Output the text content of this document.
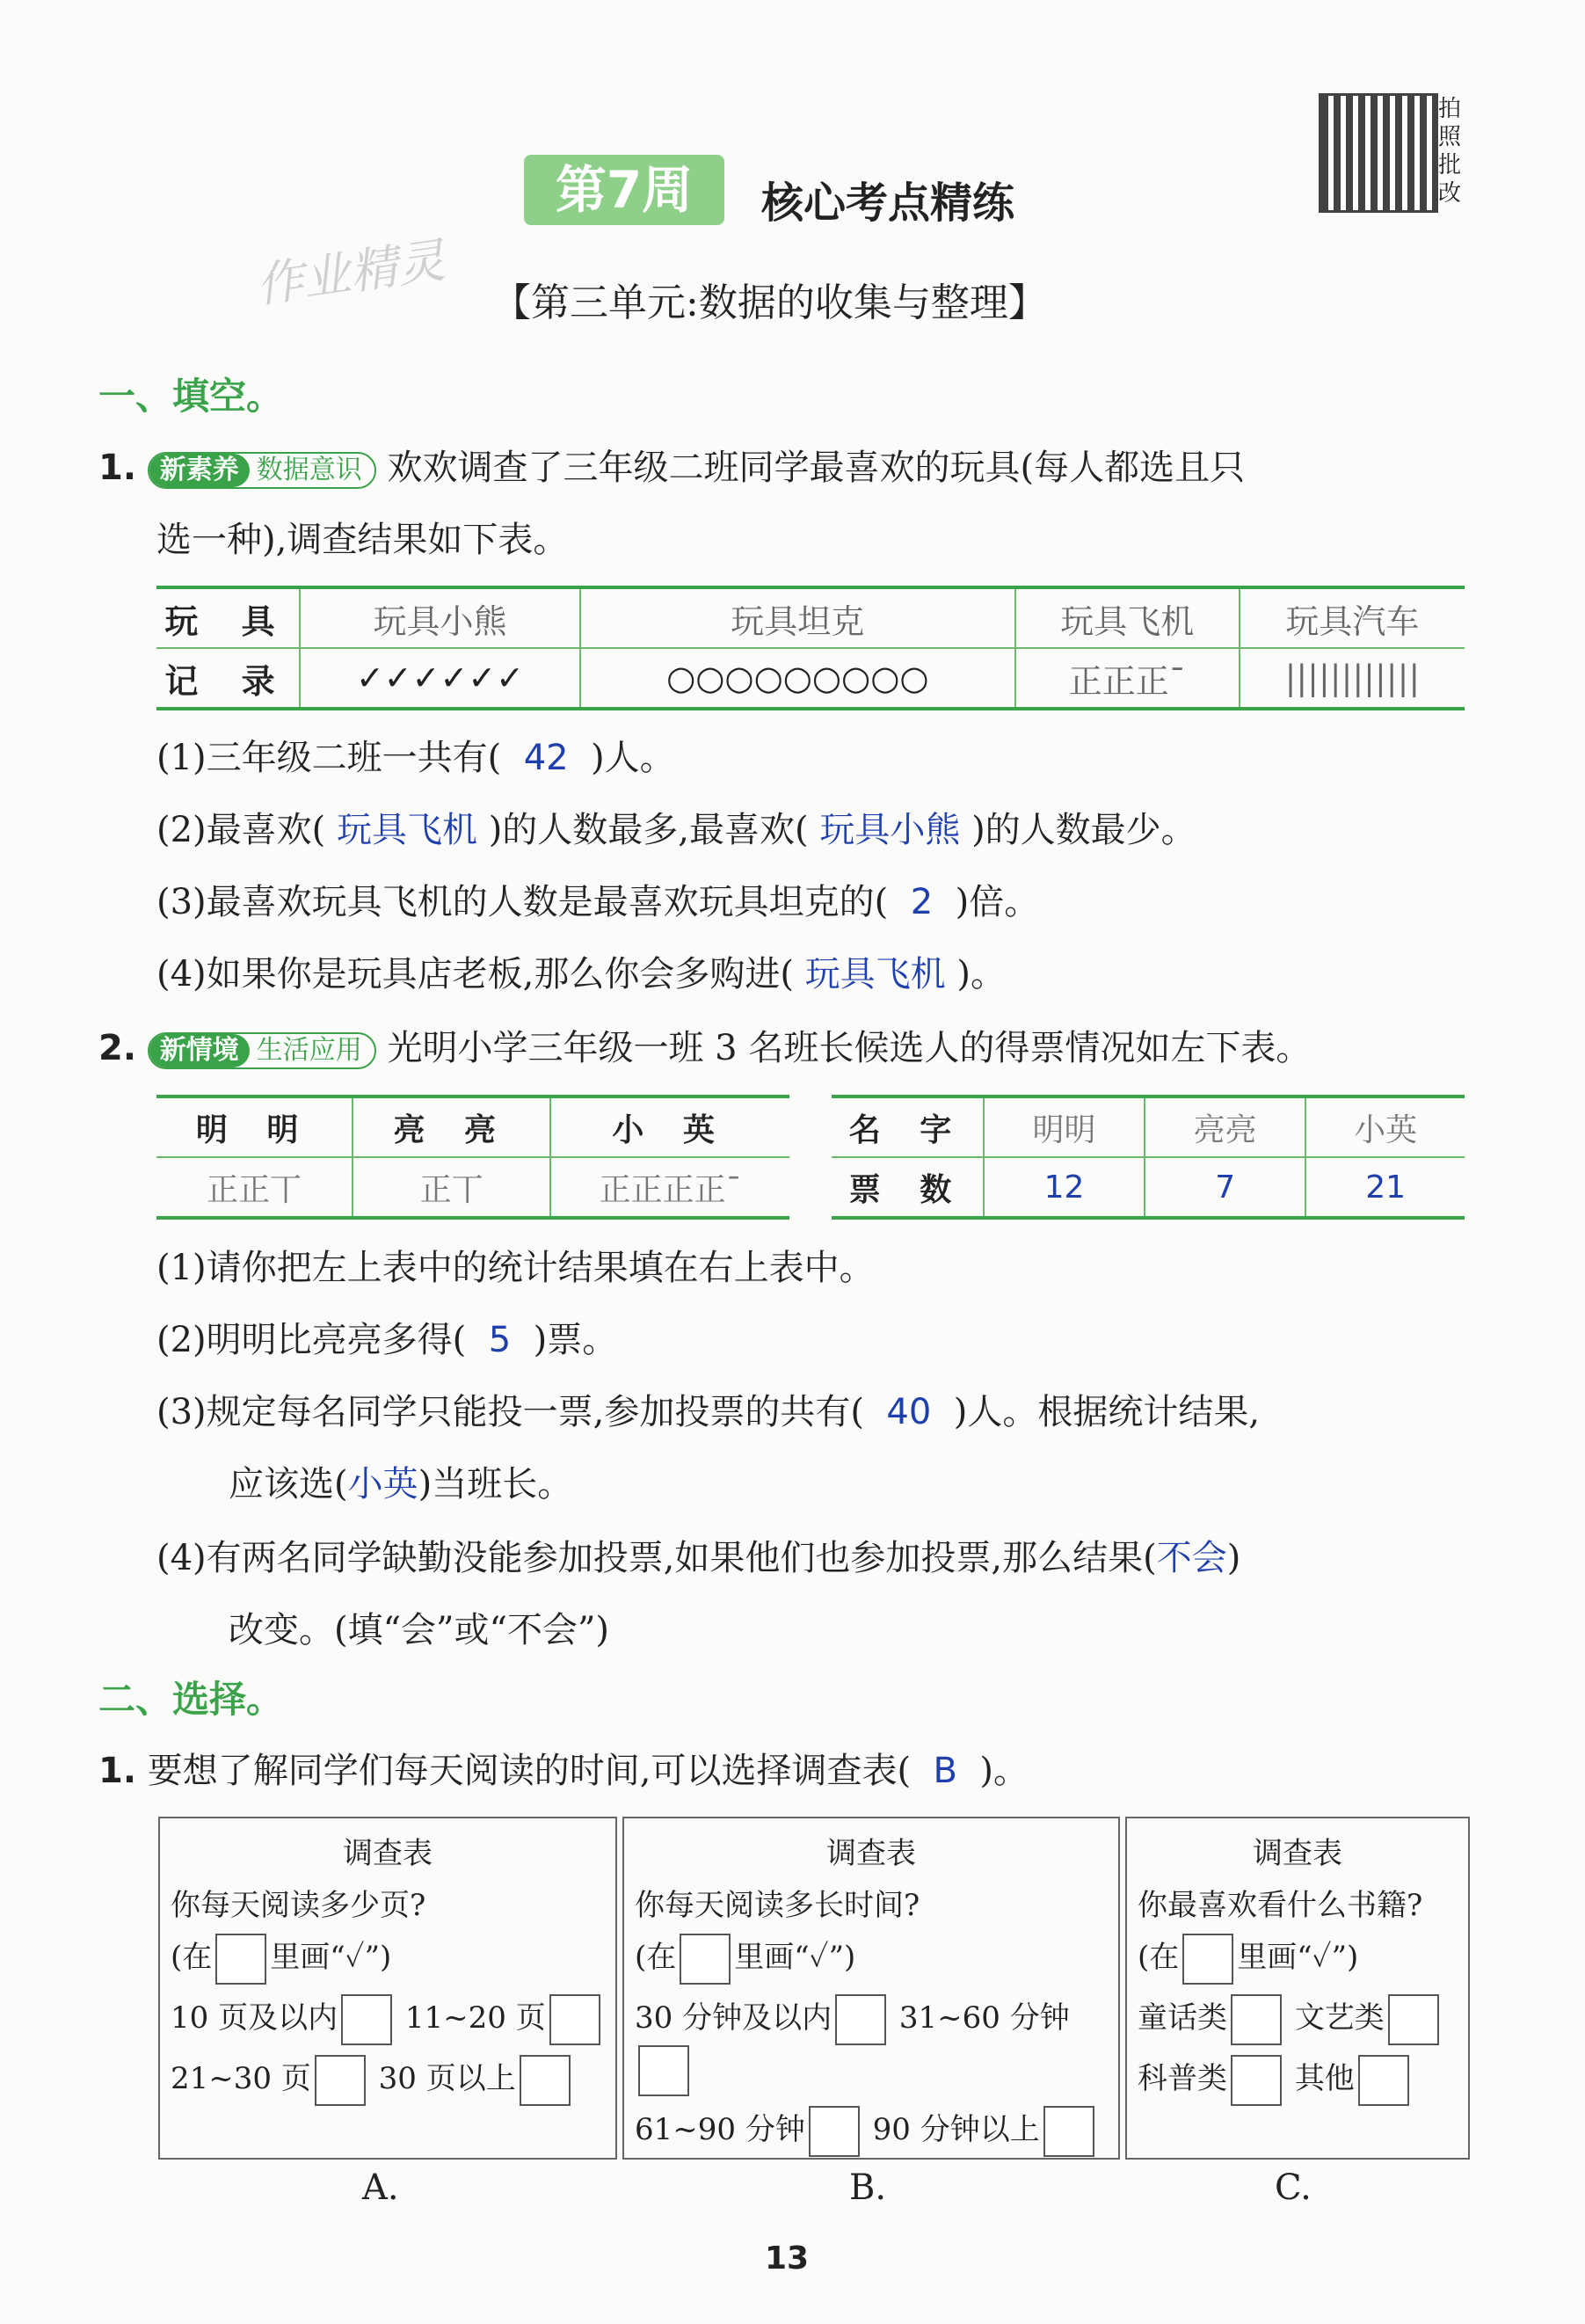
第7周	核心考点精练
【第三单元:数据的收集与整理】
作业精灵
拍照批改
一、填空。
1. 新素养 数据意识 欢欢调查了三年级二班同学最喜欢的玩具(每人都选且只
选一种),调查结果如下表。
玩 具	玩具小熊	玩具坦克	玩具飞机	玩具汽车
记 录	✓✓✓✓✓✓	○○○○○○○○○	正正正¯	||||||||||||
(1)三年级二班一共有( 42 )人。
(2)最喜欢( 玩具飞机 )的人数最多,最喜欢( 玩具小熊 )的人数最少。
(3)最喜欢玩具飞机的人数是最喜欢玩具坦克的( 2 )倍。
(4)如果你是玩具店老板,那么你会多购进( 玩具飞机 )。
2. 新情境 生活应用 光明小学三年级一班 3 名班长候选人的得票情况如左下表。
明 明	亮 亮	小 英
正正丅	正丅	正正正正¯
名 字	明明	亮亮	小英
票 数	12	7	21
(1)请你把左上表中的统计结果填在右上表中。
(2)明明比亮亮多得( 5 )票。
(3)规定每名同学只能投一票,参加投票的共有( 40 )人。根据统计结果,
应该选(小英)当班长。
(4)有两名同学缺勤没能参加投票,如果他们也参加投票,那么结果(不会)
改变。(填“会”或“不会”)
二、选择。
1. 要想了解同学们每天阅读的时间,可以选择调查表( B )。
调查表
你每天阅读多少页?
(在 里画“✓”)
10 页及以内 11~20 页
21~30 页 30 页以上
调查表
你每天阅读多长时间?
(在 里画“✓”)
30 分钟及以内 31~60 分钟
61~90 分钟 90 分钟以上
调查表
你最喜欢看什么书籍?
(在 里画“✓”)
童话类 文艺类
科普类 其他
A.	B.	C.
13
